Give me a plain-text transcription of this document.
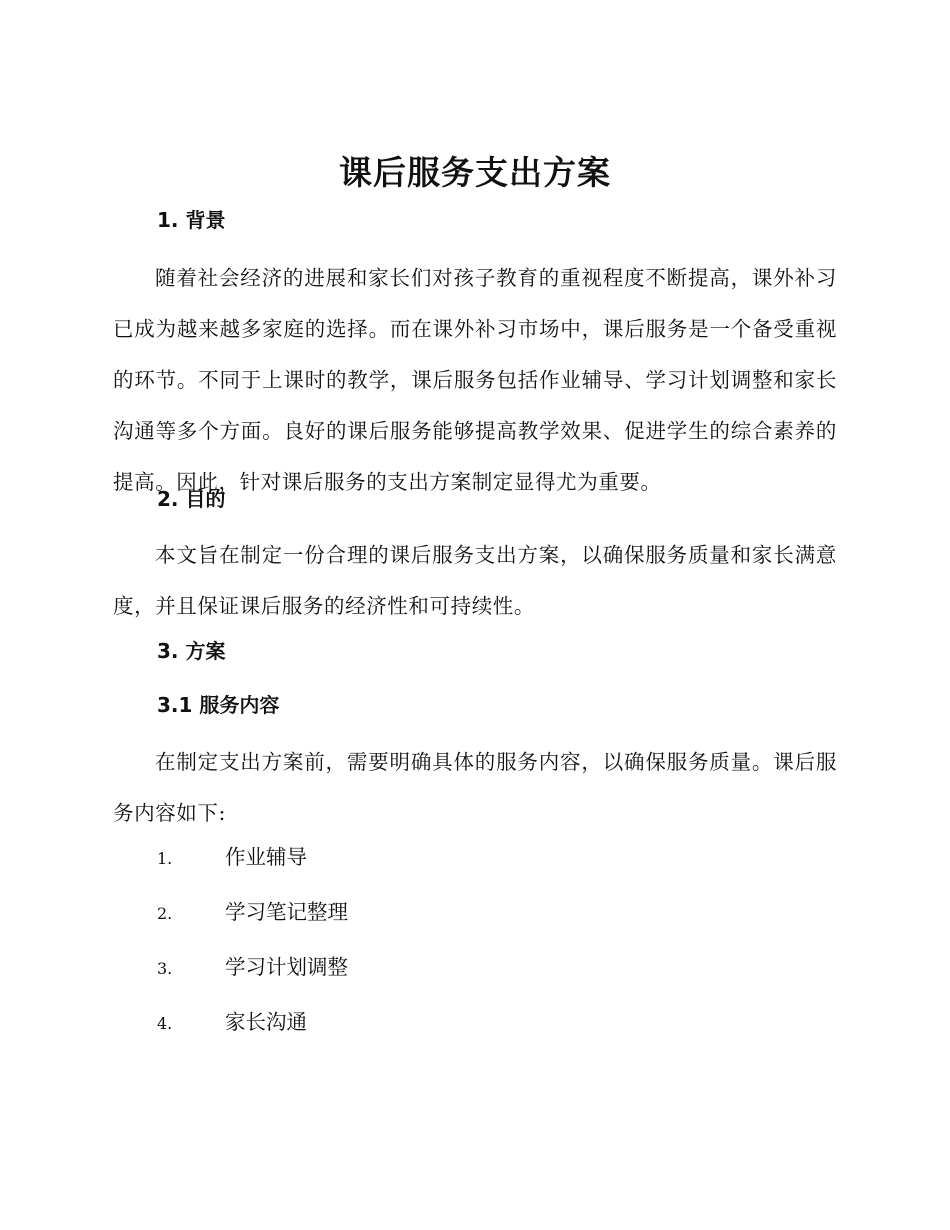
课后服务支出方案
1. 背景
随着社会经济的进展和家长们对孩子教育的重视程度不断提高，课外补习已成为越来越多家庭的选择。而在课外补习市场中，课后服务是一个备受重视的环节。不同于上课时的教学，课后服务包括作业辅导、学习计划调整和家长沟通等多个方面。良好的课后服务能够提高教学效果、促进学生的综合素养的提高。因此，针对课后服务的支出方案制定显得尤为重要。
2. 目的
本文旨在制定一份合理的课后服务支出方案，以确保服务质量和家长满意度，并且保证课后服务的经济性和可持续性。
3. 方案
3.1 服务内容
在制定支出方案前，需要明确具体的服务内容，以确保服务质量。课后服务内容如下:
1.	作业辅导
2.	学习笔记整理
3.	学习计划调整
4.	家长沟通
